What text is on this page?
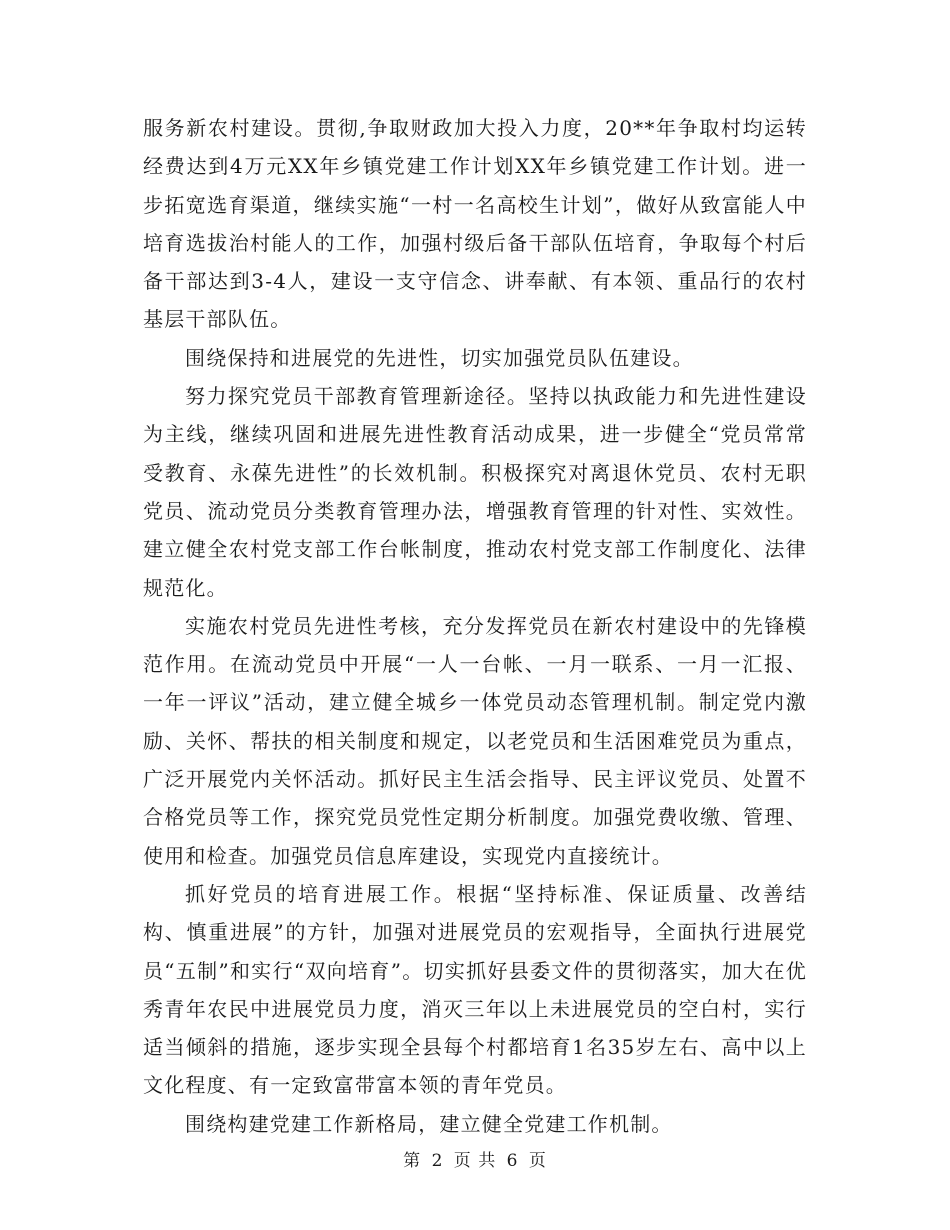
服务新农村建设。贯彻,争取财政加大投入力度，20**年争取村均运转经费达到4万元XX年乡镇党建工作计划XX年乡镇党建工作计划。进一步拓宽选育渠道，继续实施“一村一名高校生计划”，做好从致富能人中培育选拔治村能人的工作，加强村级后备干部队伍培育，争取每个村后备干部达到3-4人，建设一支守信念、讲奉献、有本领、重品行的农村基层干部队伍。

围绕保持和进展党的先进性，切实加强党员队伍建设。

努力探究党员干部教育管理新途径。坚持以执政能力和先进性建设为主线，继续巩固和进展先进性教育活动成果，进一步健全“党员常常受教育、永葆先进性”的长效机制。积极探究对离退休党员、农村无职党员、流动党员分类教育管理办法，增强教育管理的针对性、实效性。建立健全农村党支部工作台帐制度，推动农村党支部工作制度化、法律规范化。

实施农村党员先进性考核，充分发挥党员在新农村建设中的先锋模范作用。在流动党员中开展“一人一台帐、一月一联系、一月一汇报、一年一评议”活动，建立健全城乡一体党员动态管理机制。制定党内激励、关怀、帮扶的相关制度和规定，以老党员和生活困难党员为重点，广泛开展党内关怀活动。抓好民主生活会指导、民主评议党员、处置不合格党员等工作，探究党员党性定期分析制度。加强党费收缴、管理、使用和检查。加强党员信息库建设，实现党内直接统计。

抓好党员的培育进展工作。根据“坚持标准、保证质量、改善结构、慎重进展”的方针，加强对进展党员的宏观指导，全面执行进展党员“五制”和实行“双向培育”。切实抓好县委文件的贯彻落实，加大在优秀青年农民中进展党员力度，消灭三年以上未进展党员的空白村，实行适当倾斜的措施，逐步实现全县每个村都培育1名35岁左右、高中以上文化程度、有一定致富带富本领的青年党员。

围绕构建党建工作新格局，建立健全党建工作机制。

第 2 页 共 6 页
